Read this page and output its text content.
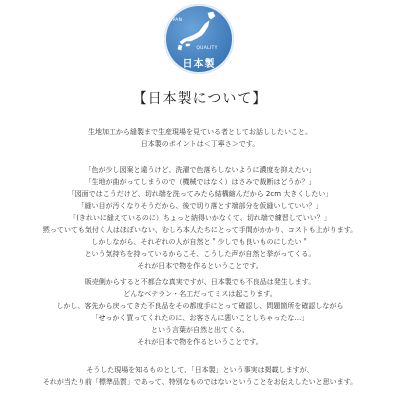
JAPAN
QUALITY
日本製
【日本製について】
生地加工から縫製まで生産現場を見ている者としてお話ししたいこと。
日本製のポイントは＜丁寧さ＞です。
「色が少し図案と違うけど、洗濯で色落ちしないように濃度を抑えたい」
「生地が曲がってしまうので（機械ではなく）はさみで裁断はどうか？」
「図面ではこうだけど、切れ端を洗ってみたら結構縮んだから 2cm 大きくしたい」
「縫い目が汚くなりそうだから、後で切り落とす端部分を仮縫いしていい？」
「(きれいに縫えているのに）ちょっと納得いかなくて、切れ端で練習していい？」
黙っていても気付く人はほぼいない、むしろ本人たちにとって手間がかかり、コストも上がります。
しかしながら、それぞれの人が自然と＂少しでも良いものにしたい＂
という気持ちを持っているからこそ、こうした声が自然と挙がってくる。
それが日本で物を作るということです。
販売側からすると不都合な真実ですが、日本製でも不良品は発生します。
どんなベテラン・名工だってミスは起こります。
しかし、客先から戻ってきた不良品をその都度手にとって確認し、問題箇所を確認しながら
「せっかく買ってくれたのに、お客さんに悪いことしちゃったな…」
という言葉が自然と出てくる、
それが日本で物を作るということです。
そうした現場を知るものとして、「日本製」という事実は掲載しますが、
それが当たり前「標準品質」であって、特別なものではないということをお伝えしたいと思います。
